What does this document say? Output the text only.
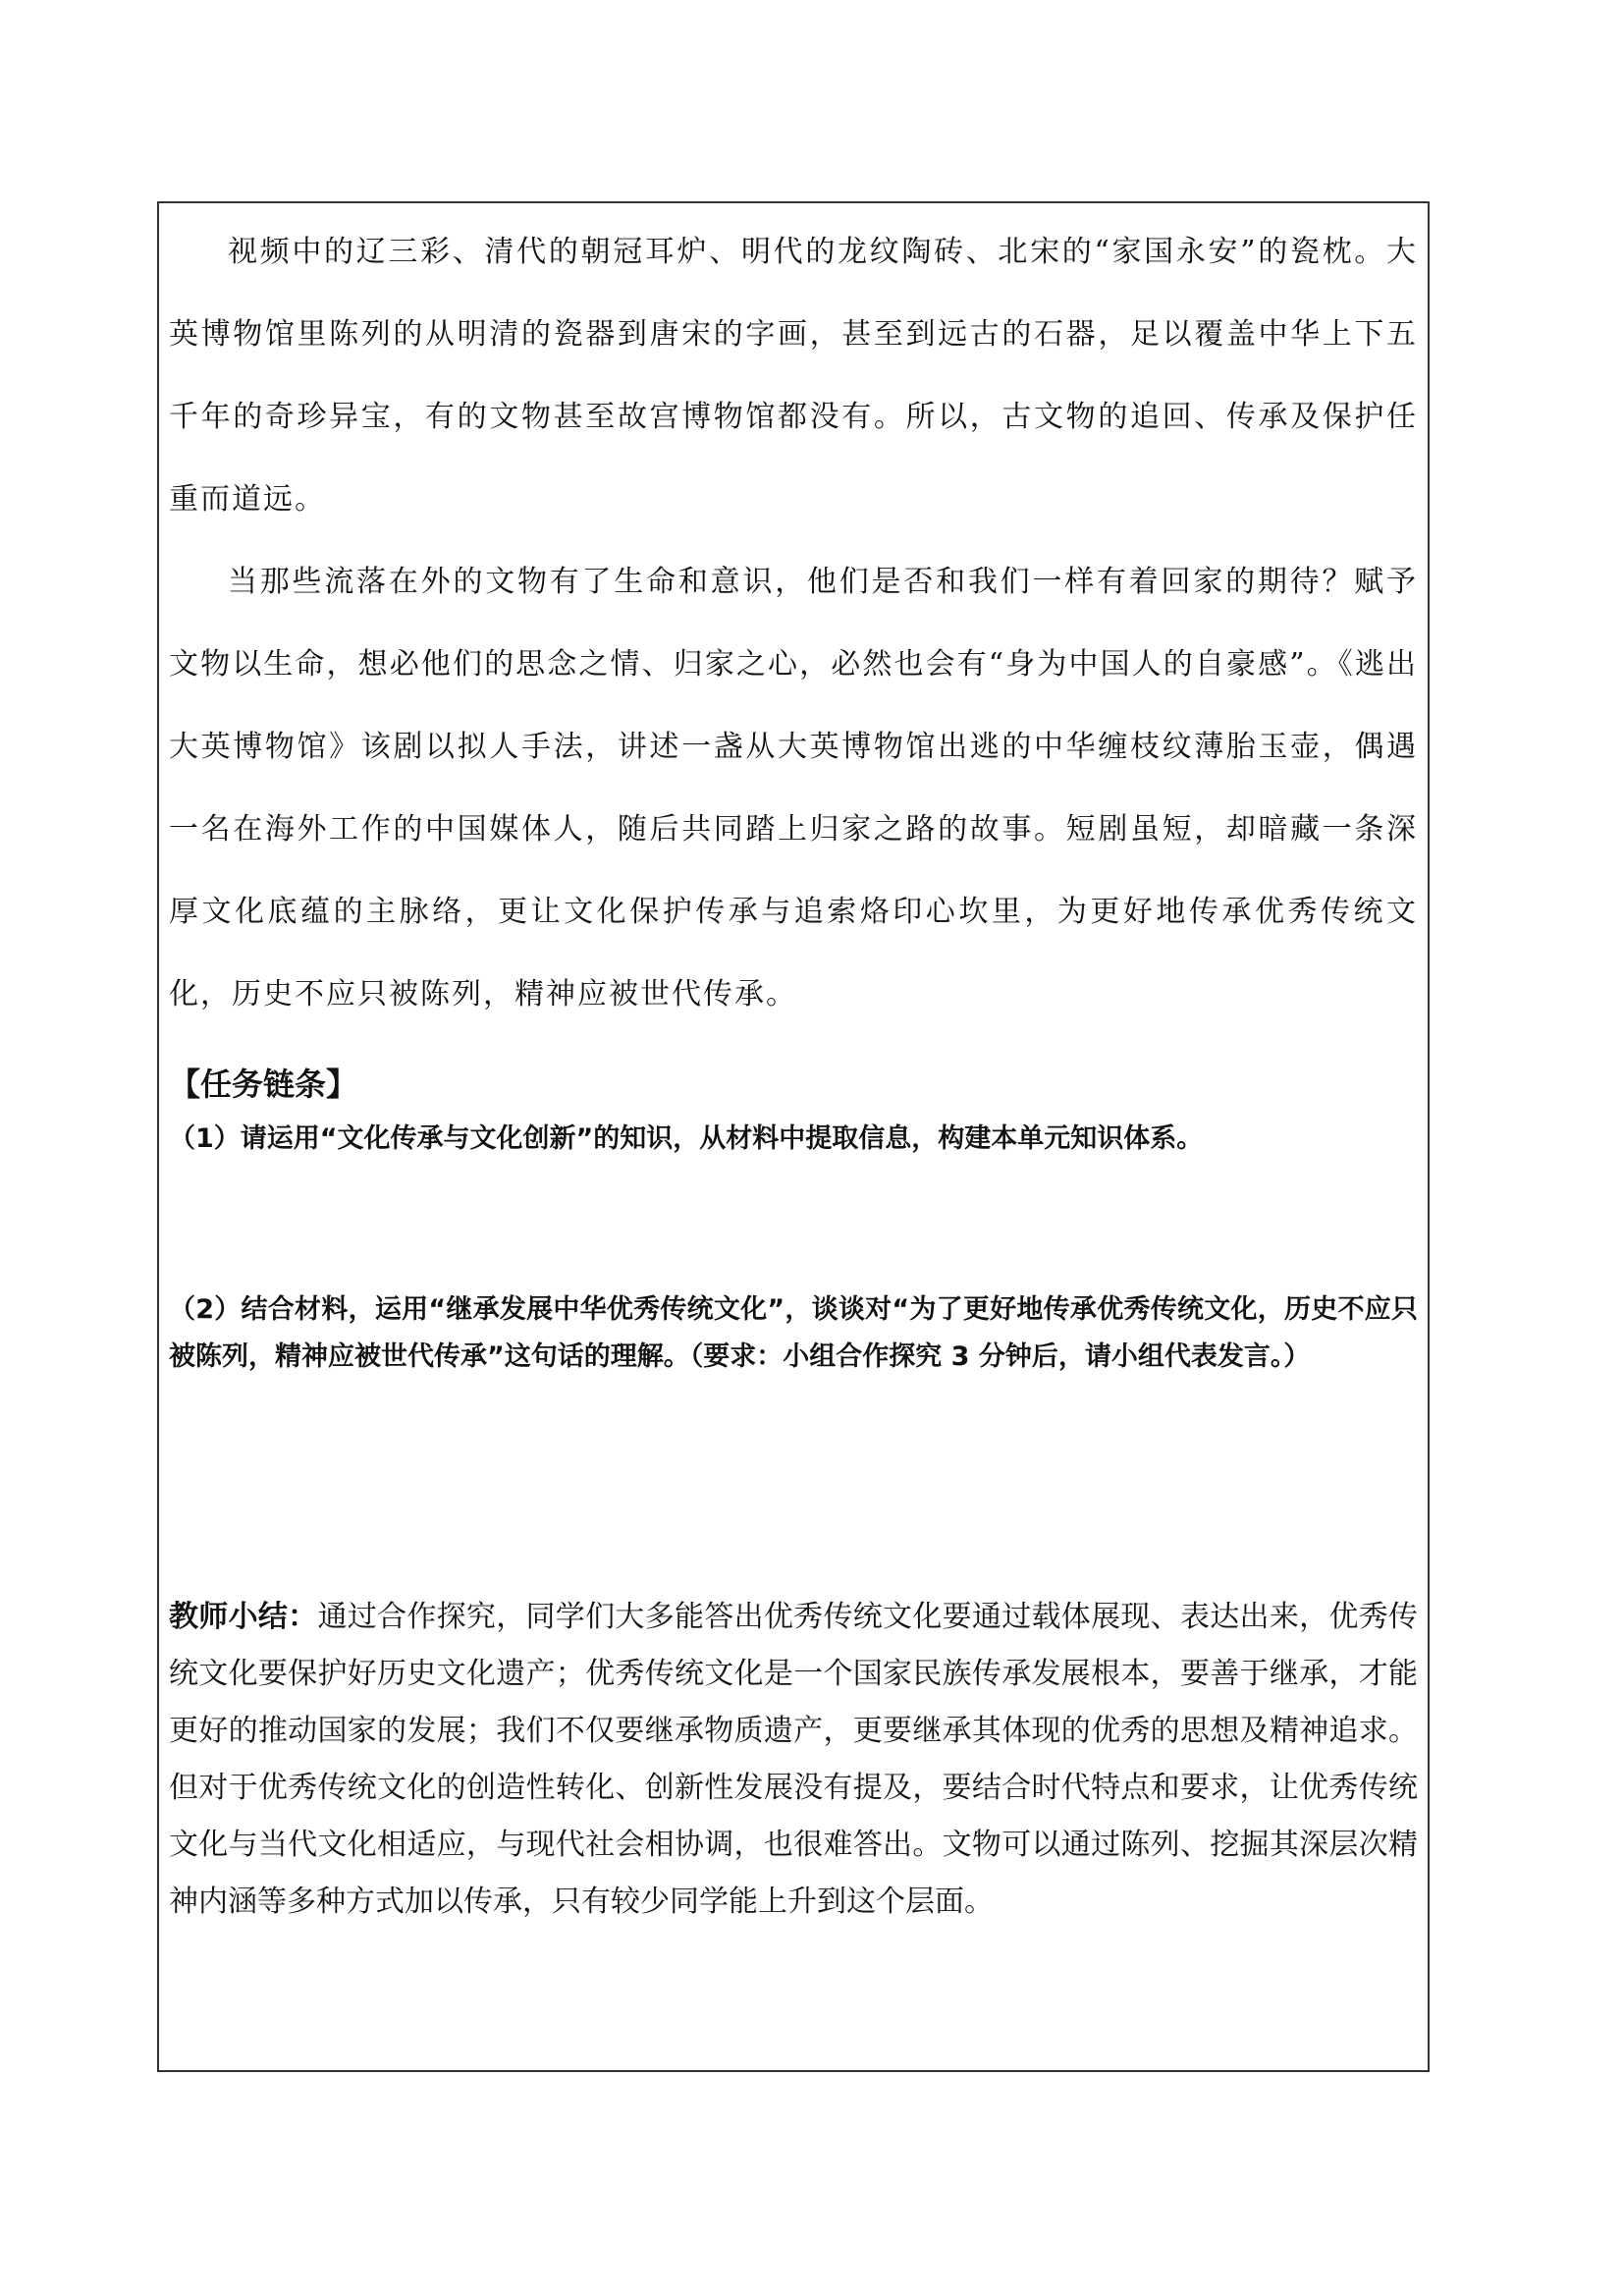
视频中的辽三彩、清代的朝冠耳炉、明代的龙纹陶砖、北宋的“家国永安”的瓷枕。大英博物馆里陈列的从明清的瓷器到唐宋的字画，甚至到远古的石器，足以覆盖中华上下五千年的奇珍异宝，有的文物甚至故宫博物馆都没有。所以，古文物的追回、传承及保护任重而道远。

当那些流落在外的文物有了生命和意识，他们是否和我们一样有着回家的期待？赋予文物以生命，想必他们的思念之情、归家之心，必然也会有“身为中国人的自豪感”。《逃出大英博物馆》该剧以拟人手法，讲述一盏从大英博物馆出逃的中华缠枝纹薄胎玉壶，偶遇一名在海外工作的中国媒体人，随后共同踏上归家之路的故事。短剧虽短，却暗藏一条深厚文化底蕴的主脉络，更让文化保护传承与追索烙印心坎里，为更好地传承优秀传统文化，历史不应只被陈列，精神应被世代传承。

【任务链条】

（1）请运用“文化传承与文化创新”的知识，从材料中提取信息，构建本单元知识体系。

（2）结合材料，运用“继承发展中华优秀传统文化”，谈谈对“为了更好地传承优秀传统文化，历史不应只被陈列，精神应被世代传承”这句话的理解。（要求：小组合作探究 3 分钟后，请小组代表发言。）

教师小结：通过合作探究，同学们大多能答出优秀传统文化要通过载体展现、表达出来，优秀传统文化要保护好历史文化遗产；优秀传统文化是一个国家民族传承发展根本，要善于继承，才能更好的推动国家的发展；我们不仅要继承物质遗产，更要继承其体现的优秀的思想及精神追求。但对于优秀传统文化的创造性转化、创新性发展没有提及，要结合时代特点和要求，让优秀传统文化与当代文化相适应，与现代社会相协调，也很难答出。文物可以通过陈列、挖掘其深层次精神内涵等多种方式加以传承，只有较少同学能上升到这个层面。
